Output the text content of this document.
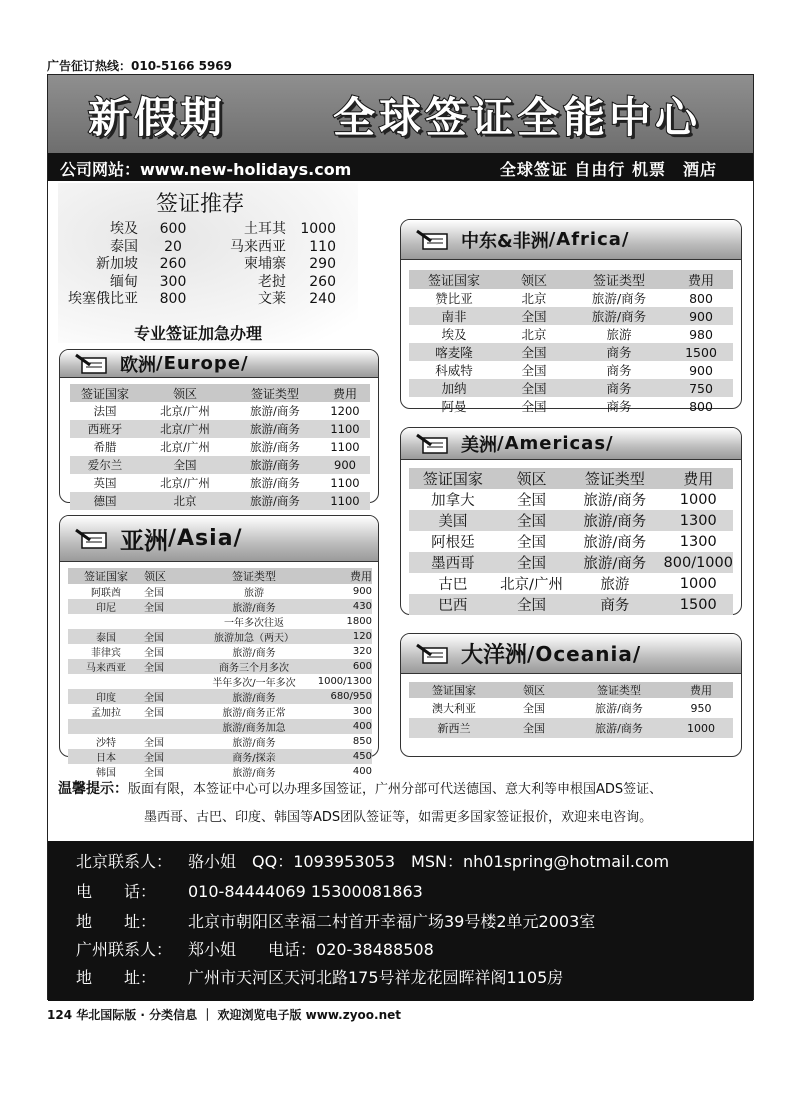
广告征订热线：010-5166 5969
新假期	全球签证全能中心
公司网站：www.new-holidays.com	全球签证 自由行 机票　酒店
签证推荐
埃及	600	土耳其	1000
泰国	20	马来西亚	110
新加坡	260	柬埔寨	290
缅甸	300	老挝	260
埃塞俄比亚	800	文莱	240
专业签证加急办理
欧洲 /Europe/
签证国家	领区	签证类型	费用
法国	北京/广州	旅游/商务	1200
西班牙	北京/广州	旅游/商务	1100
希腊	北京/广州	旅游/商务	1100
爱尔兰	全国	旅游/商务	900
英国	北京/广州	旅游/商务	1100
德国	北京	旅游/商务	1100
亚洲 /Asia/
签证国家	领区	签证类型	费用
阿联酋	全国	旅游	900
印尼	全国	旅游/商务	430
		一年多次往返	1800
泰国	全国	旅游加急（两天）	120
菲律宾	全国	旅游/商务	320
马来西亚	全国	商务三个月多次	600
		半年多次/一年多次	1000/1300
印度	全国	旅游/商务	680/950
孟加拉	全国	旅游/商务正常	300
		旅游/商务加急	400
沙特	全国	旅游/商务	850
日本	全国	商务/探亲	450
韩国	全国	旅游/商务	400
中东&非洲 /Africa/
签证国家	领区	签证类型	费用
赞比亚	北京	旅游/商务	800
南非	全国	旅游/商务	900
埃及	北京	旅游	980
喀麦隆	全国	商务	1500
科威特	全国	商务	900
加纳	全国	商务	750
阿曼	全国	商务	800
美洲 /Americas/
签证国家	领区	签证类型	费用
加拿大	全国	旅游/商务	1000
美国	全国	旅游/商务	1300
阿根廷	全国	旅游/商务	1300
墨西哥	全国	旅游/商务	800/1000
古巴	北京/广州	旅游	1000
巴西	全国	商务	1500
大洋洲 /Oceania/
签证国家	领区	签证类型	费用
澳大利亚	全国	旅游/商务	950
新西兰	全国	旅游/商务	1000
温馨提示：版面有限，本签证中心可以办理多国签证，广州分部可代送德国、意大利等申根国ADS签证、
墨西哥、古巴、印度、韩国等ADS团队签证等，如需更多国家签证报价，欢迎来电咨询。
北京联系人： 骆小姐 QQ：1093953053 MSN：nh01spring@hotmail.com
电　　话： 010-84444069 15300081863
地　　址： 北京市朝阳区幸福二村首开幸福广场39号楼2单元2003室
广州联系人： 郑小姐 电话：020-38488508
地　　址： 广州市天河区天河北路175号祥龙花园晖祥阁1105房
124 华北国际版 · 分类信息 ｜ 欢迎浏览电子版 www.zyoo.net
